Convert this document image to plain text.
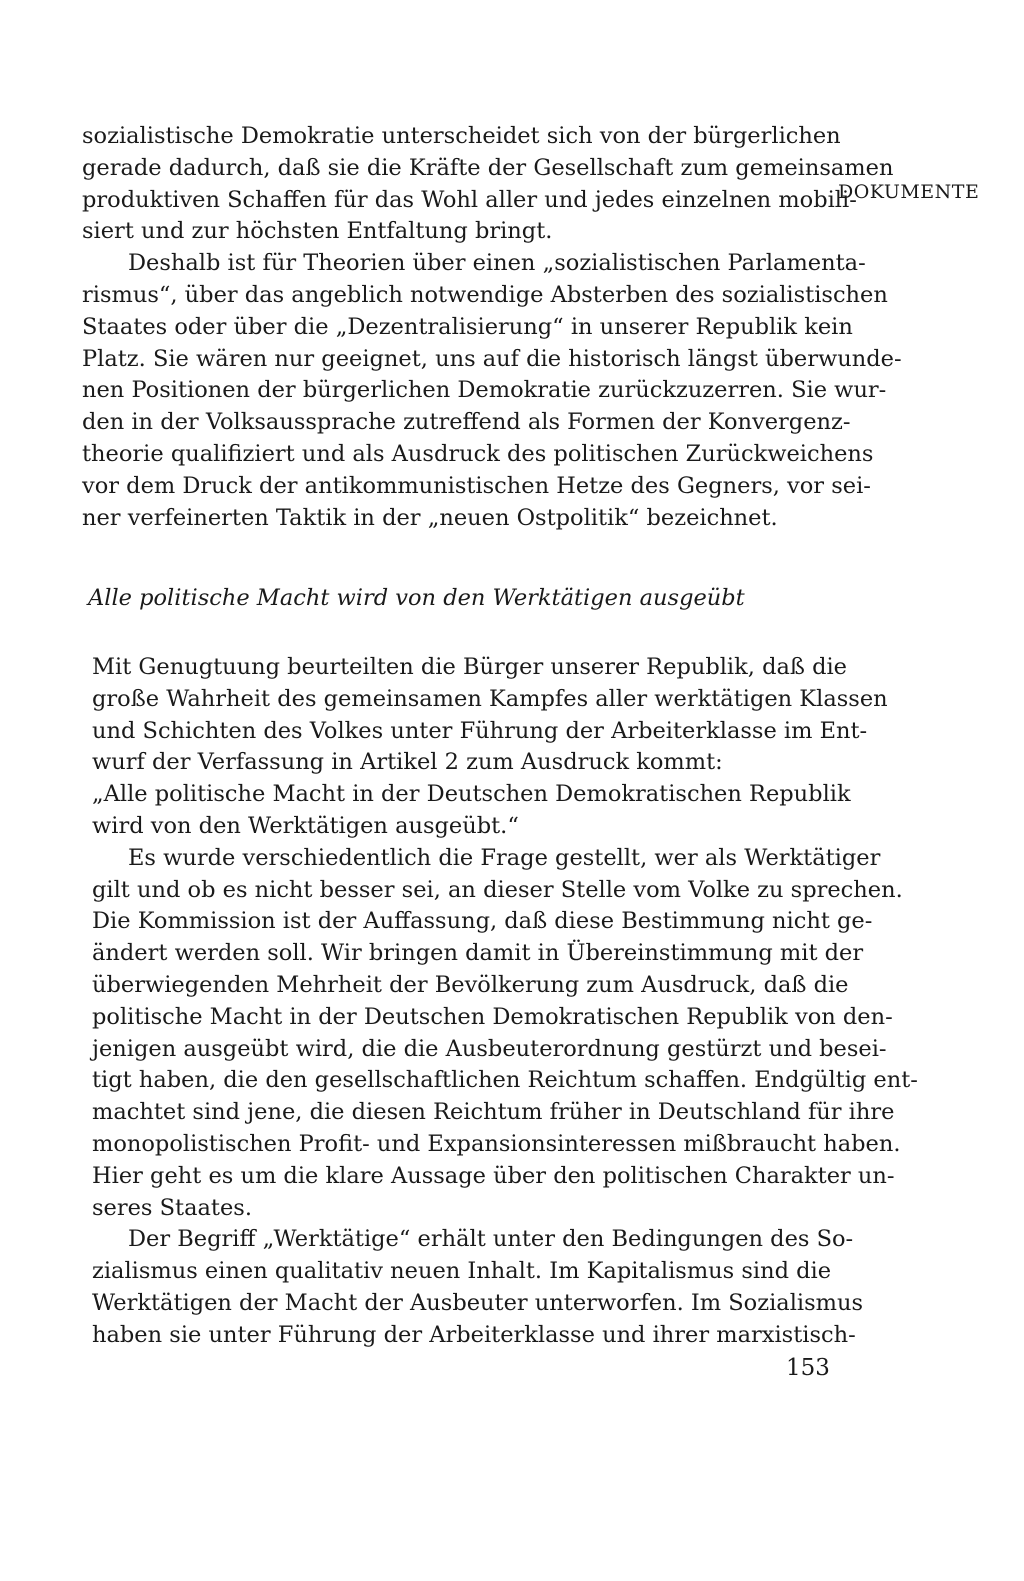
DOKUMENTE
sozialistische Demokratie unterscheidet sich von der bürgerlichen
gerade dadurch, daß sie die Kräfte der Gesellschaft zum gemeinsamen
produktiven Schaffen für das Wohl aller und jedes einzelnen mobili-
siert und zur höchsten Entfaltung bringt.
Deshalb ist für Theorien über einen „sozialistischen Parlamenta-
rismus“, über das angeblich notwendige Absterben des sozialistischen
Staates oder über die „Dezentralisierung“ in unserer Republik kein
Platz. Sie wären nur geeignet, uns auf die historisch längst überwunde-
nen Positionen der bürgerlichen Demokratie zurückzuzerren. Sie wur-
den in der Volksaussprache zutreffend als Formen der Konvergenz-
theorie qualifiziert und als Ausdruck des politischen Zurückweichens
vor dem Druck der antikommunistischen Hetze des Gegners, vor sei-
ner verfeinerten Taktik in der „neuen Ostpolitik“ bezeichnet.
Alle politische Macht wird von den Werktätigen ausgeübt
Mit Genugtuung beurteilten die Bürger unserer Republik, daß die
große Wahrheit des gemeinsamen Kampfes aller werktätigen Klassen
und Schichten des Volkes unter Führung der Arbeiterklasse im Ent-
wurf der Verfassung in Artikel 2 zum Ausdruck kommt:
„Alle politische Macht in der Deutschen Demokratischen Republik
wird von den Werktätigen ausgeübt.“
Es wurde verschiedentlich die Frage gestellt, wer als Werktätiger
gilt und ob es nicht besser sei, an dieser Stelle vom Volke zu sprechen.
Die Kommission ist der Auffassung, daß diese Bestimmung nicht ge-
ändert werden soll. Wir bringen damit in Übereinstimmung mit der
überwiegenden Mehrheit der Bevölkerung zum Ausdruck, daß die
politische Macht in der Deutschen Demokratischen Republik von den-
jenigen ausgeübt wird, die die Ausbeuterordnung gestürzt und besei-
tigt haben, die den gesellschaftlichen Reichtum schaffen. Endgültig ent-
machtet sind jene, die diesen Reichtum früher in Deutschland für ihre
monopolistischen Profit- und Expansionsinteressen mißbraucht haben.
Hier geht es um die klare Aussage über den politischen Charakter un-
seres Staates.
Der Begriff „Werktätige“ erhält unter den Bedingungen des So-
zialismus einen qualitativ neuen Inhalt. Im Kapitalismus sind die
Werktätigen der Macht der Ausbeuter unterworfen. Im Sozialismus
haben sie unter Führung der Arbeiterklasse und ihrer marxistisch-
153
